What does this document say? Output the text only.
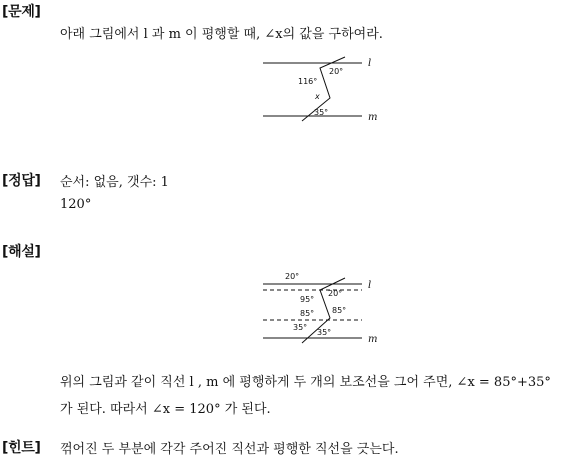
[문제]
아래 그림에서 l 과 m 이 평행할 때, ∠x의 값을 구하여라.
l
m
20°
116°
x
35°
[정답] 순서: 없음, 갯수: 1
120°
[해설]
l
m
20°
20°
95°
85° 85°
35°
35°
위의 그림과 같이 직선 l , m 에 평행하게 두 개의 보조선을 그어 주면, ∠x = 85°+35°
가 된다. 따라서 ∠x = 120° 가 된다.
[힌트] 꺾어진 두 부분에 각각 주어진 직선과 평행한 직선을 긋는다.
